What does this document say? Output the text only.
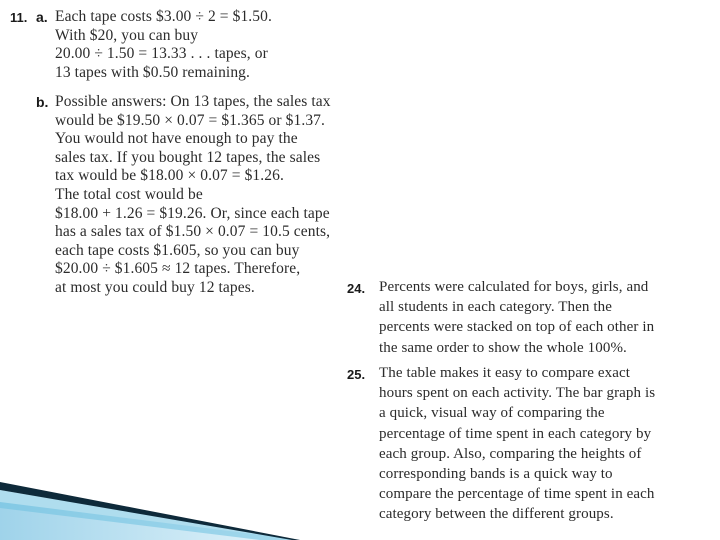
11. a. Each tape costs $3.00 ÷ 2 = $1.50.
With $20, you can buy
20.00 ÷ 1.50 = 13.33 . . . tapes, or
13 tapes with $0.50 remaining.
b. Possible answers: On 13 tapes, the sales tax
would be $19.50 × 0.07 = $1.365 or $1.37.
You would not have enough to pay the
sales tax. If you bought 12 tapes, the sales
tax would be $18.00 × 0.07 = $1.26.
The total cost would be
$18.00 + 1.26 = $19.26. Or, since each tape
has a sales tax of $1.50 × 0.07 = 10.5 cents,
each tape costs $1.605, so you can buy
$20.00 ÷ $1.605 ≈ 12 tapes. Therefore,
at most you could buy 12 tapes.	24. Percents were calculated for boys, girls, and
all students in each category. Then the
percents were stacked on top of each other in
the same order to show the whole 100%.
25. The table makes it easy to compare exact
hours spent on each activity. The bar graph is
a quick, visual way of comparing the
percentage of time spent in each category by
each group. Also, comparing the heights of
corresponding bands is a quick way to
compare the percentage of time spent in each
category between the different groups.
